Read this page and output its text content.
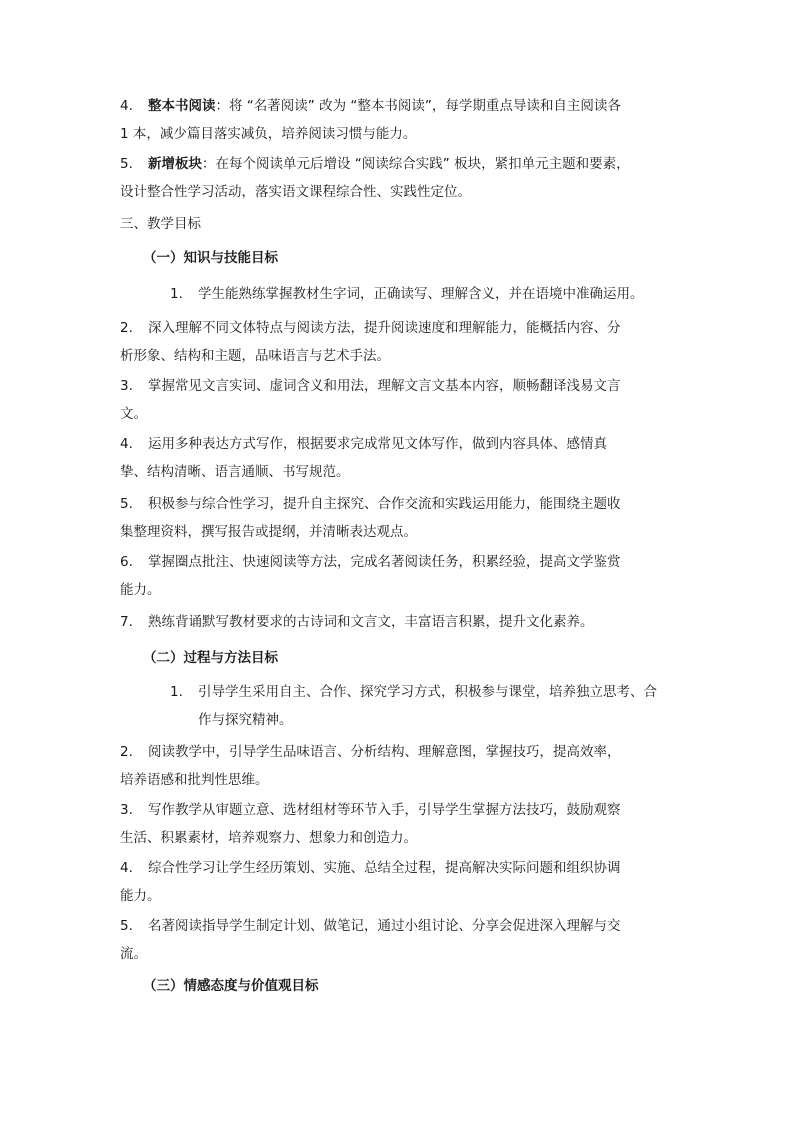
4. 整本书阅读：将 “名著阅读” 改为 “整本书阅读”，每学期重点导读和自主阅读各

1 本，减少篇目落实减负，培养阅读习惯与能力。

5. 新增板块：在每个阅读单元后增设 “阅读综合实践” 板块，紧扣单元主题和要素，

设计整合性学习活动，落实语文课程综合性、实践性定位。

三、教学目标
（一）知识与技能目标

1. 学生能熟练掌握教材生字词，正确读写、理解含义，并在语境中准确运用。

2. 深入理解不同文体特点与阅读方法，提升阅读速度和理解能力，能概括内容、分

析形象、结构和主题，品味语言与艺术手法。

3. 掌握常见文言实词、虚词含义和用法，理解文言文基本内容，顺畅翻译浅易文言

文。

4. 运用多种表达方式写作，根据要求完成常见文体写作，做到内容具体、感情真

挚、结构清晰、语言通顺、书写规范。

5. 积极参与综合性学习，提升自主探究、合作交流和实践运用能力，能围绕主题收

集整理资料，撰写报告或提纲，并清晰表达观点。

6. 掌握圈点批注、快速阅读等方法，完成名著阅读任务，积累经验，提高文学鉴赏

能力。

7. 熟练背诵默写教材要求的古诗词和文言文，丰富语言积累，提升文化素养。

（二）过程与方法目标

1. 引导学生采用自主、合作、探究学习方式，积极参与课堂，培养独立思考、合

作与探究精神。

2. 阅读教学中，引导学生品味语言、分析结构、理解意图，掌握技巧，提高效率，

培养语感和批判性思维。

3. 写作教学从审题立意、选材组材等环节入手，引导学生掌握方法技巧，鼓励观察

生活、积累素材，培养观察力、想象力和创造力。

4. 综合性学习让学生经历策划、实施、总结全过程，提高解决实际问题和组织协调

能力。

5. 名著阅读指导学生制定计划、做笔记，通过小组讨论、分享会促进深入理解与交

流。

（三）情感态度与价值观目标
